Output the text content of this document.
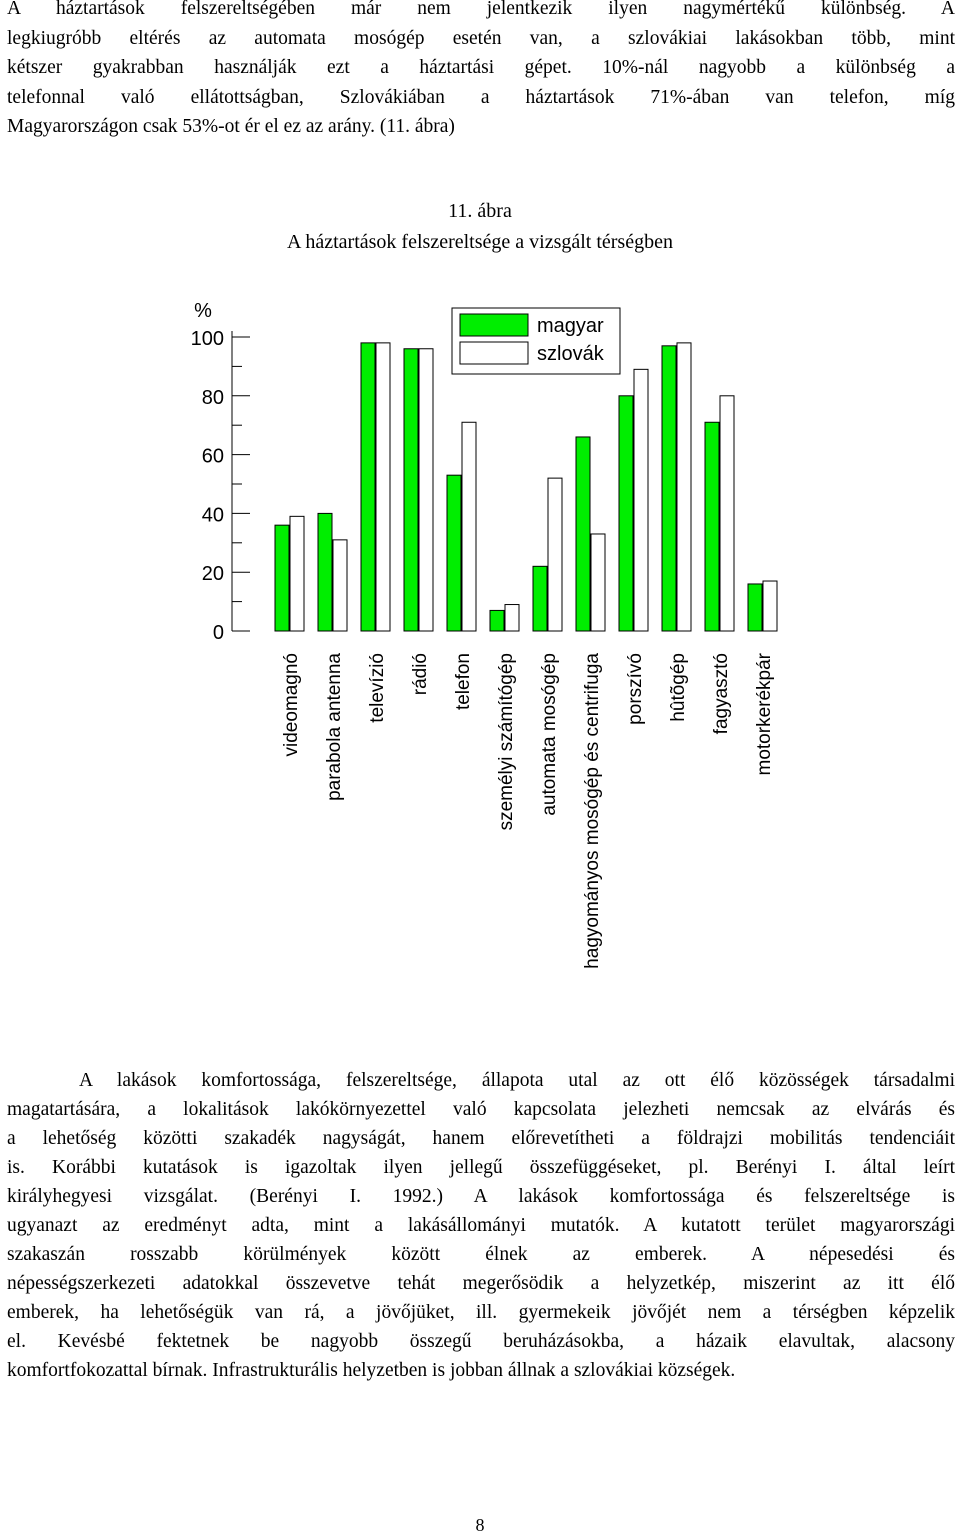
A háztartások felszereltségében már nem jelentkezik ilyen nagymértékű különbség. A
legkiugróbb eltérés az automata mosógép esetén van, a szlovákiai lakásokban több, mint
kétszer gyakrabban használják ezt a háztartási gépet. 10%-nál nagyobb a különbség a
telefonnal való ellátottságban, Szlovákiában a háztartások 71%-ában van telefon, míg
Magyarországon csak 53%-ot ér el ez az arány. (11. ábra)
11. ábra
A háztartások felszereltsége a vizsgált térségben
100
80
60
40
20
0
%
videomagnó parabola antenna televízió rádió telefon személyi számítógép automata mosógép hagyományos mosógép és centrifuga porszívó hûtõgép fagyasztó motorkerékpár
magyar
szlovák
A lakások komfortossága, felszereltsége, állapota utal az ott élő közösségek társadalmi
magatartására, a lokalitások lakókörnyezettel való kapcsolata jelezheti nemcsak az elvárás és
a lehetőség közötti szakadék nagyságát, hanem előrevetítheti a földrajzi mobilitás tendenciáit
is. Korábbi kutatások is igazoltak ilyen jellegű összefüggéseket, pl. Berényi I. által leírt
királyhegyesi vizsgálat. (Berényi I. 1992.) A lakások komfortossága és felszereltsége is
ugyanazt az eredményt adta, mint a lakásállományi mutatók. A kutatott terület magyarországi
szakaszán rosszabb körülmények között élnek az emberek. A népesedési és
népességszerkezeti adatokkal összevetve tehát megerősödik a helyzetkép, miszerint az itt élő
emberek, ha lehetőségük van rá, a jövőjüket, ill. gyermekeik jövőjét nem a térségben képzelik
el. Kevésbé fektetnek be nagyobb összegű beruházásokba, a házaik elavultak, alacsony
komfortfokozattal bírnak. Infrastrukturális helyzetben is jobban állnak a szlovákiai községek.
8
